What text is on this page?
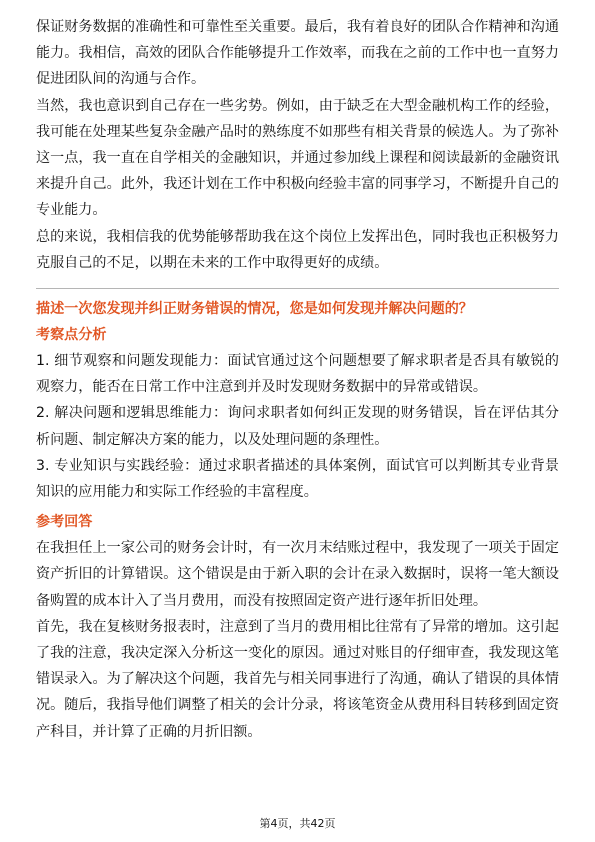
保证财务数据的准确性和可靠性至关重要。最后，我有着良好的团队合作精神和沟通能力。我相信，高效的团队合作能够提升工作效率，而我在之前的工作中也一直努力促进团队间的沟通与合作。

当然，我也意识到自己存在一些劣势。例如，由于缺乏在大型金融机构工作的经验，我可能在处理某些复杂金融产品时的熟练度不如那些有相关背景的候选人。为了弥补这一点，我一直在自学相关的金融知识，并通过参加线上课程和阅读最新的金融资讯来提升自己。此外，我还计划在工作中积极向经验丰富的同事学习，不断提升自己的专业能力。

总的来说，我相信我的优势能够帮助我在这个岗位上发挥出色，同时我也正积极努力克服自己的不足，以期在未来的工作中取得更好的成绩。

描述一次您发现并纠正财务错误的情况，您是如何发现并解决问题的？
考察点分析

1. 细节观察和问题发现能力：面试官通过这个问题想要了解求职者是否具有敏锐的观察力，能否在日常工作中注意到并及时发现财务数据中的异常或错误。

2. 解决问题和逻辑思维能力：询问求职者如何纠正发现的财务错误，旨在评估其分析问题、制定解决方案的能力，以及处理问题的条理性。

3. 专业知识与实践经验：通过求职者描述的具体案例，面试官可以判断其专业背景知识的应用能力和实际工作经验的丰富程度。

参考回答

在我担任上一家公司的财务会计时，有一次月末结账过程中，我发现了一项关于固定资产折旧的计算错误。这个错误是由于新入职的会计在录入数据时，误将一笔大额设备购置的成本计入了当月费用，而没有按照固定资产进行逐年折旧处理。

首先，我在复核财务报表时，注意到了当月的费用相比往常有了异常的增加。这引起了我的注意，我决定深入分析这一变化的原因。通过对账目的仔细审查，我发现这笔错误录入。为了解决这个问题，我首先与相关同事进行了沟通，确认了错误的具体情况。随后，我指导他们调整了相关的会计分录，将该笔资金从费用科目转移到固定资产科目，并计算了正确的月折旧额。

第4页，共42页
